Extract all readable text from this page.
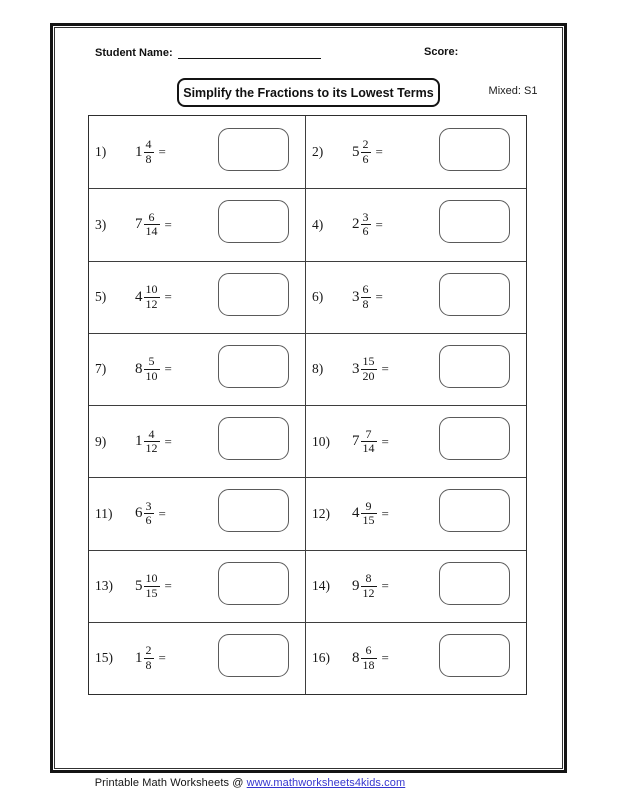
Student Name:	Score:
Simplify the Fractions to its Lowest Terms	Mixed: S1
1)	$1 \frac{4}{8}$ =	2)	$5 \frac{2}{6}$ =
3)	$7 \frac{6}{14}$ =	4)	$2 \frac{3}{6}$ =
5)	$4 \frac{10}{12}$ =	6)	$3 \frac{6}{8}$ =
7)	$8 \frac{5}{10}$ =	8)	$3 \frac{15}{20}$ =
9)	$1 \frac{4}{12}$ =	10)	$7 \frac{7}{14}$ =
11)	$6 \frac{3}{6}$ =	12)	$4 \frac{9}{15}$ =
13)	$5 \frac{10}{15}$ =	14)	$9 \frac{8}{12}$ =
15)	$1 \frac{2}{8}$ =	16)	$8 \frac{6}{18}$ =
Printable Math Worksheets @ www.mathworksheets4kids.com
